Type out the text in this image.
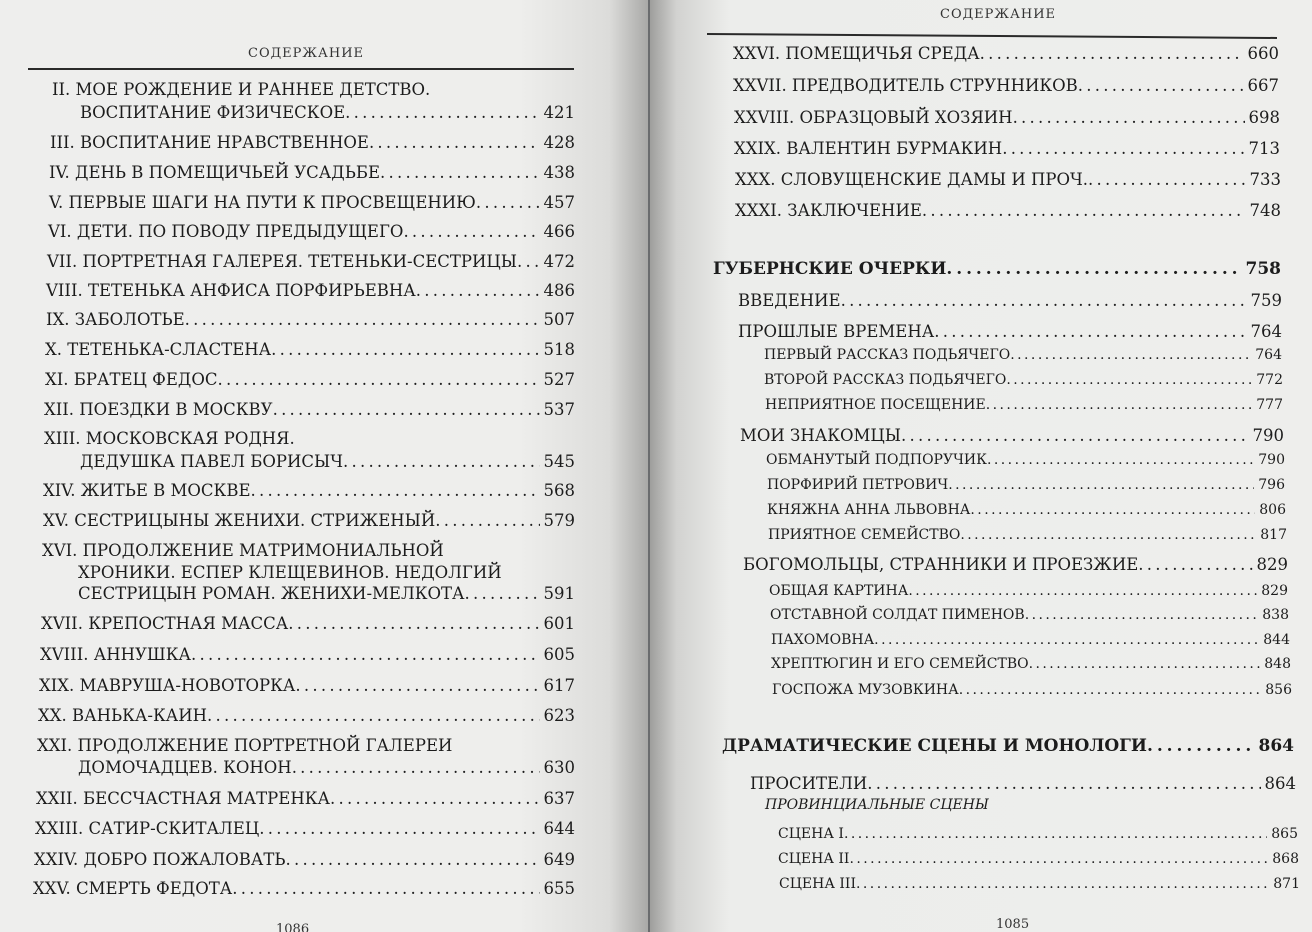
СОДЕРЖАНИЕ
II. МОЕ РОЖДЕНИЕ И РАННЕЕ ДЕТСТВО.
ВОСПИТАНИЕ ФИЗИЧЕСКОЕ . . .	421
III. ВОСПИТАНИЕ НРАВСТВЕННОЕ . . .	428
IV. ДЕНЬ В ПОМЕЩИЧЬЕЙ УСАДЬБЕ . . .	438
V. ПЕРВЫЕ ШАГИ НА ПУТИ К ПРОСВЕЩЕНИЮ . . .	457
VI. ДЕТИ. ПО ПОВОДУ ПРЕДЫДУЩЕГО . . .	466
VII. ПОРТРЕТНАЯ ГАЛЕРЕЯ. ТЕТЕНЬКИ-СЕСТРИЦЫ . . . 472
VIII. ТЕТЕНЬКА АНФИСА ПОРФИРЬЕВНА . . .	486
IX. ЗАБОЛОТЬЕ . . .	507
X. ТЕТЕНЬКА-СЛАСТЕНА . . .	518
XI. БРАТЕЦ ФЕДОС . . .	527
XII. ПОЕЗДКИ В МОСКВУ . . .	537
XIII. МОСКОВСКАЯ РОДНЯ.
ДЕДУШКА ПАВЕЛ БОРИСЫЧ . . .	545
XIV. ЖИТЬЕ В МОСКВЕ . . .	568
XV. СЕСТРИЦЫНЫ ЖЕНИХИ. СТРИЖЕНЫЙ . . .	579
XVI. ПРОДОЛЖЕНИЕ МАТРИМОНИАЛЬНОЙ
ХРОНИКИ. ЕСПЕР КЛЕЩЕВИНОВ. НЕДОЛГИЙ
СЕСТРИЦЫН РОМАН. ЖЕНИХИ-МЕЛКОТА . . .	591
XVII. КРЕПОСТНАЯ МАССА . . .	601
XVIII. АННУШКА . . .	605
XIX. МАВРУША-НОВОТОРКА . . .	617
XX. ВАНЬКА-КАИН . . .	623
XXI. ПРОДОЛЖЕНИЕ ПОРТРЕТНОЙ ГАЛЕРЕИ
ДОМОЧАДЦЕВ. КОНОН . . .	630
XXII. БЕССЧАСТНАЯ МАТРЕНКА . . .	637
XXIII. САТИР-СКИТАЛЕЦ . . .	644
XXIV. ДОБРО ПОЖАЛОВАТЬ . . .	649
XXV. СМЕРТЬ ФЕДОТА . . .	655
1086
СОДЕРЖАНИЕ
XXVI. ПОМЕЩИЧЬЯ СРЕДА . . .	660
XXVII. ПРЕДВОДИТЕЛЬ СТРУННИКОВ . . .	667
XXVIII. ОБРАЗЦОВЫЙ ХОЗЯИН . . .	698
XXIX. ВАЛЕНТИН БУРМАКИН . . .	713
XXX. СЛОВУЩЕНСКИЕ ДАМЫ И ПРОЧ. . . .	733
XXXI. ЗАКЛЮЧЕНИЕ . . .	748
ГУБЕРНСКИЕ ОЧЕРКИ . . .	758
ВВЕДЕНИЕ . . .	759
ПРОШЛЫЕ ВРЕМЕНА . . .	764
ПЕРВЫЙ РАССКАЗ ПОДЬЯЧЕГО . . .	764
ВТОРОЙ РАССКАЗ ПОДЬЯЧЕГО . . .	772
НЕПРИЯТНОЕ ПОСЕЩЕНИЕ . . .	777
МОИ ЗНАКОМЦЫ . . .	790
ОБМАНУТЫЙ ПОДПОРУЧИК . . .	790
ПОРФИРИЙ ПЕТРОВИЧ . . .	796
КНЯЖНА АННА ЛЬВОВНА . . .	806
ПРИЯТНОЕ СЕМЕЙСТВО . . .	817
БОГОМОЛЬЦЫ, СТРАННИКИ И ПРОЕЗЖИЕ . . .	829
ОБЩАЯ КАРТИНА . . .	829
ОТСТАВНОЙ СОЛДАТ ПИМЕНОВ . . .	838
ПАХОМОВНА . . .	844
ХРЕПТЮГИН И ЕГО СЕМЕЙСТВО . . .	848
ГОСПОЖА МУЗОВКИНА . . .	856
ДРАМАТИЧЕСКИЕ СЦЕНЫ И МОНОЛОГИ . . .	864
ПРОСИТЕЛИ . . .	864
ПРОВИНЦИАЛЬНЫЕ СЦЕНЫ
СЦЕНА I . . .	865
СЦЕНА II . . .	868
СЦЕНА III . . .	871
1085
